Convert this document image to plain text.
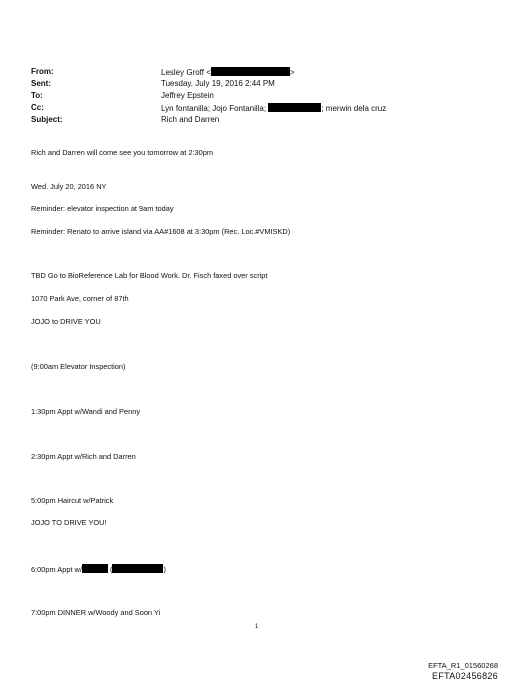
From:	Lesley Groff <	>
Sent:	Tuesday, July 19, 2016 2:44 PM
To:	Jeffrey Epstein
Cc:	Lyn fontanilla; Jojo Fontanilla;	; merwin dela cruz
Subject:	Rich and Darren
Rich and Darren will come see you tomorrow at 2:30pm
Wed. July 20, 2016 NY
Reminder: elevator inspection at 9am today
Reminder: Renato to arrive island via AA#1608 at 3:30pm (Rec. Loc.#VMISKD)
TBD Go to BioReference Lab for Blood Work. Dr. Fisch faxed over script
1070 Park Ave, corner of 87th
JOJO to DRIVE YOU
(9:00am Elevator Inspection)
1:30pm Appt w/Wandi and Penny
2:30pm Appt w/Rich and Darren
5:00pm Haircut w/Patrick
JOJO TO DRIVE YOU!
6:00pm Appt w/	(	)
7:00pm DINNER w/Woody and Soon Yi
1
EFTA_R1_01560268
EFTA02456826
